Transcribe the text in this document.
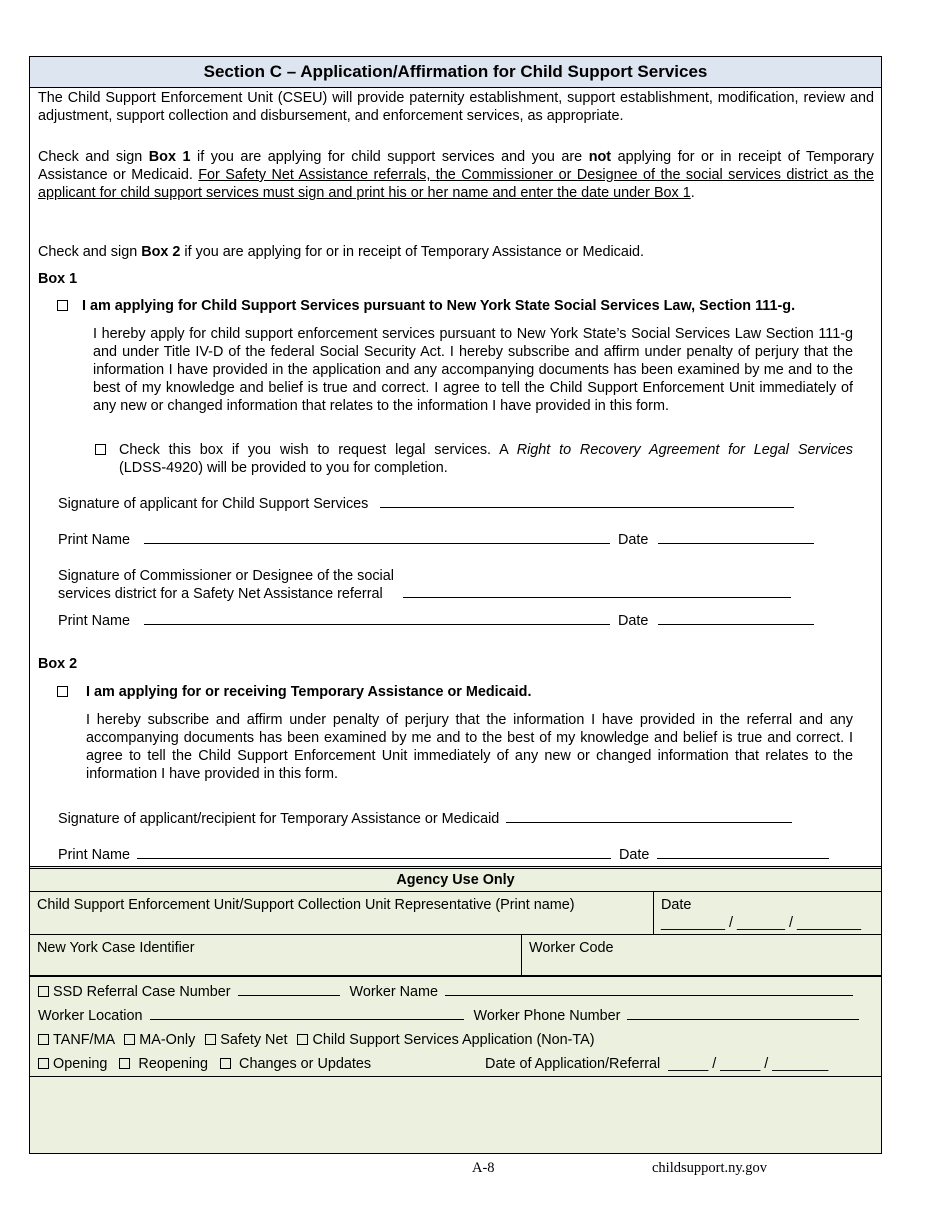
Section C – Application/Affirmation for Child Support Services
The Child Support Enforcement Unit (CSEU) will provide paternity establishment, support establishment, modification, review and adjustment, support collection and disbursement, and enforcement services, as appropriate.
Check and sign Box 1 if you are applying for child support services and you are not applying for or in receipt of Temporary Assistance or Medicaid. For Safety Net Assistance referrals, the Commissioner or Designee of the social services district as the applicant for child support services must sign and print his or her name and enter the date under Box 1.
Check and sign Box 2 if you are applying for or in receipt of Temporary Assistance or Medicaid.
Box 1
I am applying for Child Support Services pursuant to New York State Social Services Law, Section 111-g.
I hereby apply for child support enforcement services pursuant to New York State’s Social Services Law Section 111-g and under Title IV-D of the federal Social Security Act. I hereby subscribe and affirm under penalty of perjury that the information I have provided in the application and any accompanying documents has been examined by me and to the best of my knowledge and belief is true and correct. I agree to tell the Child Support Enforcement Unit immediately of any new or changed information that relates to the information I have provided in this form.
Check this box if you wish to request legal services. A Right to Recovery Agreement for Legal Services
(LDSS-4920) will be provided to you for completion.
Signature of applicant for Child Support Services
Print Name	Date
Signature of Commissioner or Designee of the social
services district for a Safety Net Assistance referral
Print Name	Date
Box 2
I am applying for or receiving Temporary Assistance or Medicaid.
I hereby subscribe and affirm under penalty of perjury that the information I have provided in the referral and any accompanying documents has been examined by me and to the best of my knowledge and belief is true and correct. I agree to tell the Child Support Enforcement Unit immediately of any new or changed information that relates to the information I have provided in this form.
Signature of applicant/recipient for Temporary Assistance or Medicaid
Print Name	Date
Agency Use Only
Child Support Enforcement Unit/Support Collection Unit Representative (Print name)	Date
________ / ______ / ________
New York Case Identifier	Worker Code
SSD Referral Case Number	Worker Name
Worker Location	Worker Phone Number
TANF/MA MA-Only Safety Net Child Support Services Application (Non-TA)
Opening Reopening Changes or Updates	Date of Application/Referral _____ / _____ / _______
A-8	childsupport.ny.gov
